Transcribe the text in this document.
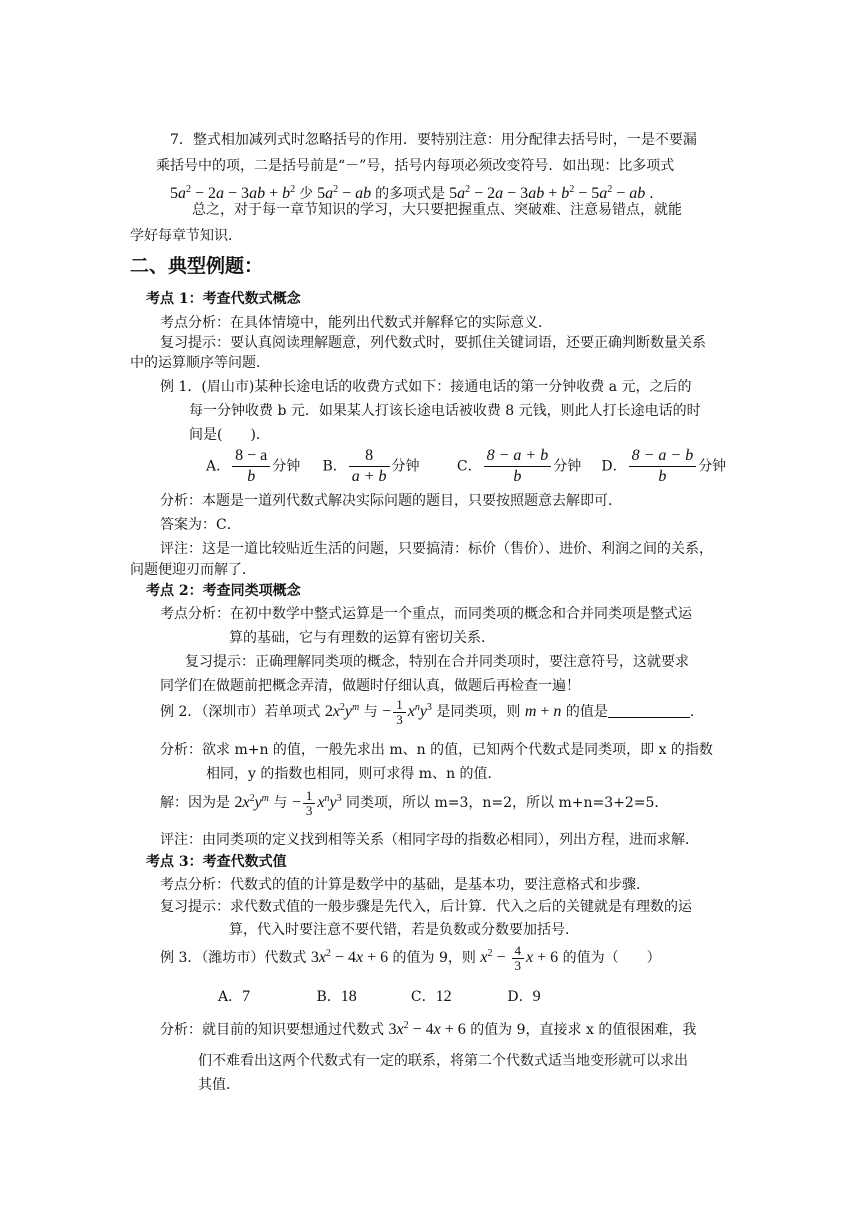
7．整式相加减列式时忽略括号的作用．要特别注意：用分配律去括号时，一是不要漏
乘括号中的项，二是括号前是“－”号，括号内每项必须改变符号．如出现：比多项式
$5a^2 - 2a - 3ab + b^2$ 少 $5a^2$ − ab 的多项式是 $5a^2 - 2a - 3ab + b^2 - 5a^2$ − ab ．
总之，对于每一章节知识的学习，大只要把握重点、突破难、注意易错点，就能
学好每章节知识．
二、典型例题：
考点 1：考查代数式概念
考点分析：在具体情境中，能列出代数式并解释它的实际意义．
复习提示：要认真阅读理解题意，列代数式时，要抓住关键词语，还要正确判断数量关系
中的运算顺序等问题．
例 1．(眉山市)某种长途电话的收费方式如下：接通电话的第一分钟收费 a 元，之后的
每一分钟收费 b 元．如果某人打该长途电话被收费 8 元钱，则此人打长途电话的时
间是(　　)．
A． $\frac{8 - a}{b}$ 分钟 B． $\frac{8}{a + b}$ 分钟	C． $\frac{8 - a + b}{b}$ 分钟 D． $\frac{8 - a - b}{b}$ 分钟
分析：本题是一道列代数式解决实际问题的题目，只要按照题意去解即可．
答案为：C．
评注：这是一道比较贴近生活的问题，只要搞清：标价（售价）、进价、利润之间的关系，
问题便迎刃而解了．
考点 2：考查同类项概念
考点分析：在初中数学中整式运算是一个重点，而同类项的概念和合并同类项是整式运
算的基础，它与有理数的运算有密切关系．
复习提示：正确理解同类项的概念，特别在合并同类项时，要注意符号，这就要求
同学们在做题前把概念弄清，做题时仔细认真，做题后再检查一遍！
例 2．（深圳市）若单项式 $2x^2y^m$ 与 − $\frac{1}{3} x^ny^3$ 是同类项，则 m + n 的值是	．
分析：欲求 m+n 的值，一般先求出 m、n 的值，已知两个代数式是同类项，即 x 的指数
相同，y 的指数也相同，则可求得 m、n 的值．
解：因为是 $2x^2y^m$ 与 − $\frac{1}{3} x^ny^3$ 同类项，所以 m=3，n=2，所以 m+n=3+2=5．
评注：由同类项的定义找到相等关系（相同字母的指数必相同），列出方程，进而求解．
考点 3：考查代数式值
考点分析：代数式的值的计算是数学中的基础，是基本功，要注意格式和步骤．
复习提示：求代数式值的一般步骤是先代入，后计算．代入之后的关键就是有理数的运
算，代入时要注意不要代错，若是负数或分数要加括号．
例 3．（潍坊市）代数式 $3x^2 - 4x + 6$ 的值为 9，则 $x^2 - \frac{4}{3}$ x + 6 的值为（　　）
A．7	B．18	C．12	D．9
分析：就目前的知识要想通过代数式 $3x^2 - 4x + 6$ 的值为 9，直接求 x 的值很困难，我
们不难看出这两个代数式有一定的联系，将第二个代数式适当地变形就可以求出
其值．
